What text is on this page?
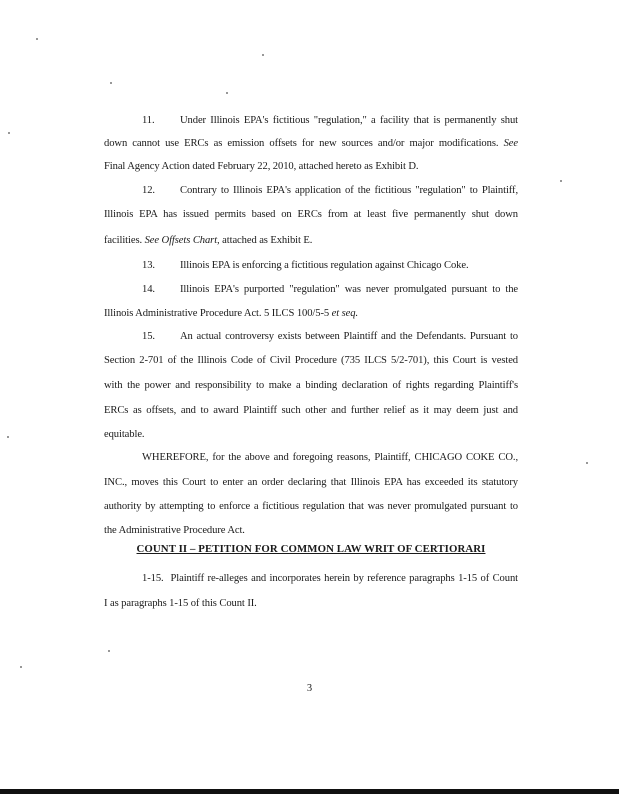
11. Under Illinois EPA's fictitious "regulation," a facility that is permanently shut
down cannot use ERCs as emission offsets for new sources and/or major modifications. See
Final Agency Action dated February 22, 2010, attached hereto as Exhibit D.
12. Contrary to Illinois EPA's application of the fictitious "regulation" to Plaintiff,
Illinois EPA has issued permits based on ERCs from at least five permanently shut down
facilities. See Offsets Chart, attached as Exhibit E.
13. Illinois EPA is enforcing a fictitious regulation against Chicago Coke.
14. Illinois EPA's purported "regulation" was never promulgated pursuant to the
Illinois Administrative Procedure Act. 5 ILCS 100/5-5 et seq.
15. An actual controversy exists between Plaintiff and the Defendants. Pursuant to
Section 2-701 of the Illinois Code of Civil Procedure (735 ILCS 5/2-701), this Court is vested
with the power and responsibility to make a binding declaration of rights regarding Plaintiff's
ERCs as offsets, and to award Plaintiff such other and further relief as it may deem just and
equitable.
WHEREFORE, for the above and foregoing reasons, Plaintiff, CHICAGO COKE CO.,
INC., moves this Court to enter an order declaring that Illinois EPA has exceeded its statutory
authority by attempting to enforce a fictitious regulation that was never promulgated pursuant to
the Administrative Procedure Act.
COUNT II – PETITION FOR COMMON LAW WRIT OF CERTIORARI
1-15. Plaintiff re-alleges and incorporates herein by reference paragraphs 1-15 of Count
I as paragraphs 1-15 of this Count II.
3
